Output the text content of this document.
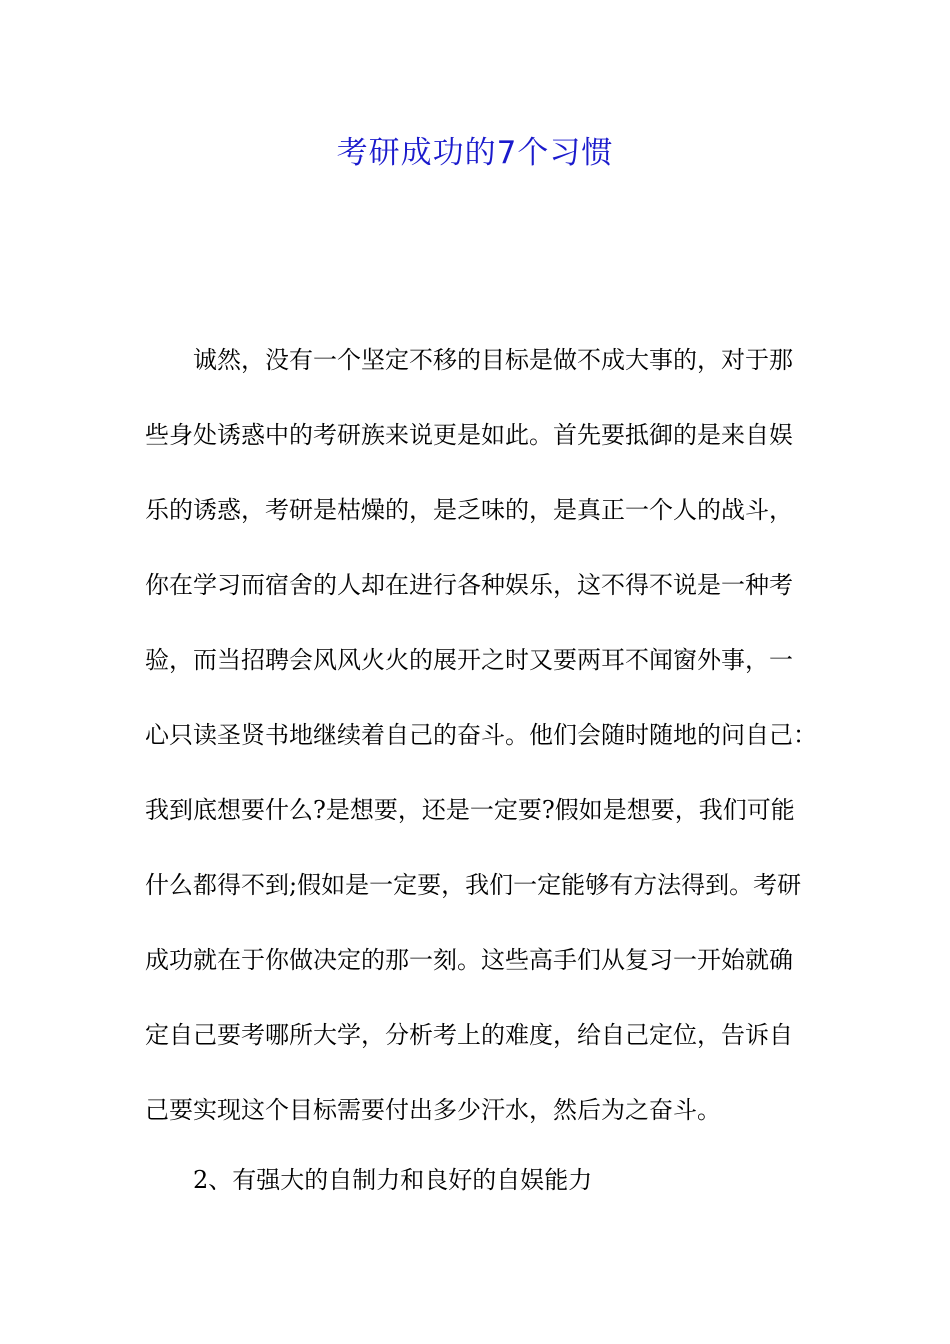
考研成功的7个习惯

诚然，没有一个坚定不移的目标是做不成大事的，对于那

些身处诱惑中的考研族来说更是如此。首先要抵御的是来自娱

乐的诱惑，考研是枯燥的，是乏味的，是真正一个人的战斗，

你在学习而宿舍的人却在进行各种娱乐，这不得不说是一种考

验，而当招聘会风风火火的展开之时又要两耳不闻窗外事，一

心只读圣贤书地继续着自己的奋斗。他们会随时随地的问自己：

我到底想要什么?是想要，还是一定要?假如是想要，我们可能

什么都得不到;假如是一定要，我们一定能够有方法得到。考研

成功就在于你做决定的那一刻。这些高手们从复习一开始就确

定自己要考哪所大学，分析考上的难度，给自己定位，告诉自

己要实现这个目标需要付出多少汗水，然后为之奋斗。

2、有强大的自制力和良好的自娱能力
